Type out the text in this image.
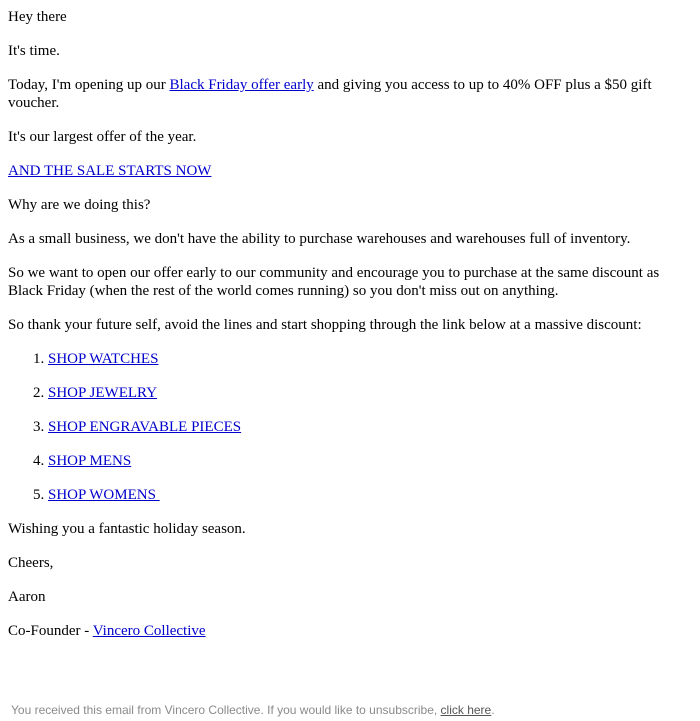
Hey there

It's time.

Today, I'm opening up our Black Friday offer early and giving you access to up to 40% OFF plus a $50 gift voucher.

It's our largest offer of the year.

AND THE SALE STARTS NOW

Why are we doing this?

As a small business, we don't have the ability to purchase warehouses and warehouses full of inventory.

So we want to open our offer early to our community and encourage you to purchase at the same discount as Black Friday (when the rest of the world comes running) so you don't miss out on anything.

So thank your future self, avoid the lines and start shopping through the link below at a massive discount:

1. SHOP WATCHES
2. SHOP JEWELRY
3. SHOP ENGRAVABLE PIECES
4. SHOP MENS
5. SHOP WOMENS

Wishing you a fantastic holiday season.

Cheers,

Aaron

Co-Founder - Vincero Collective

You received this email from Vincero Collective. If you would like to unsubscribe, click here.
